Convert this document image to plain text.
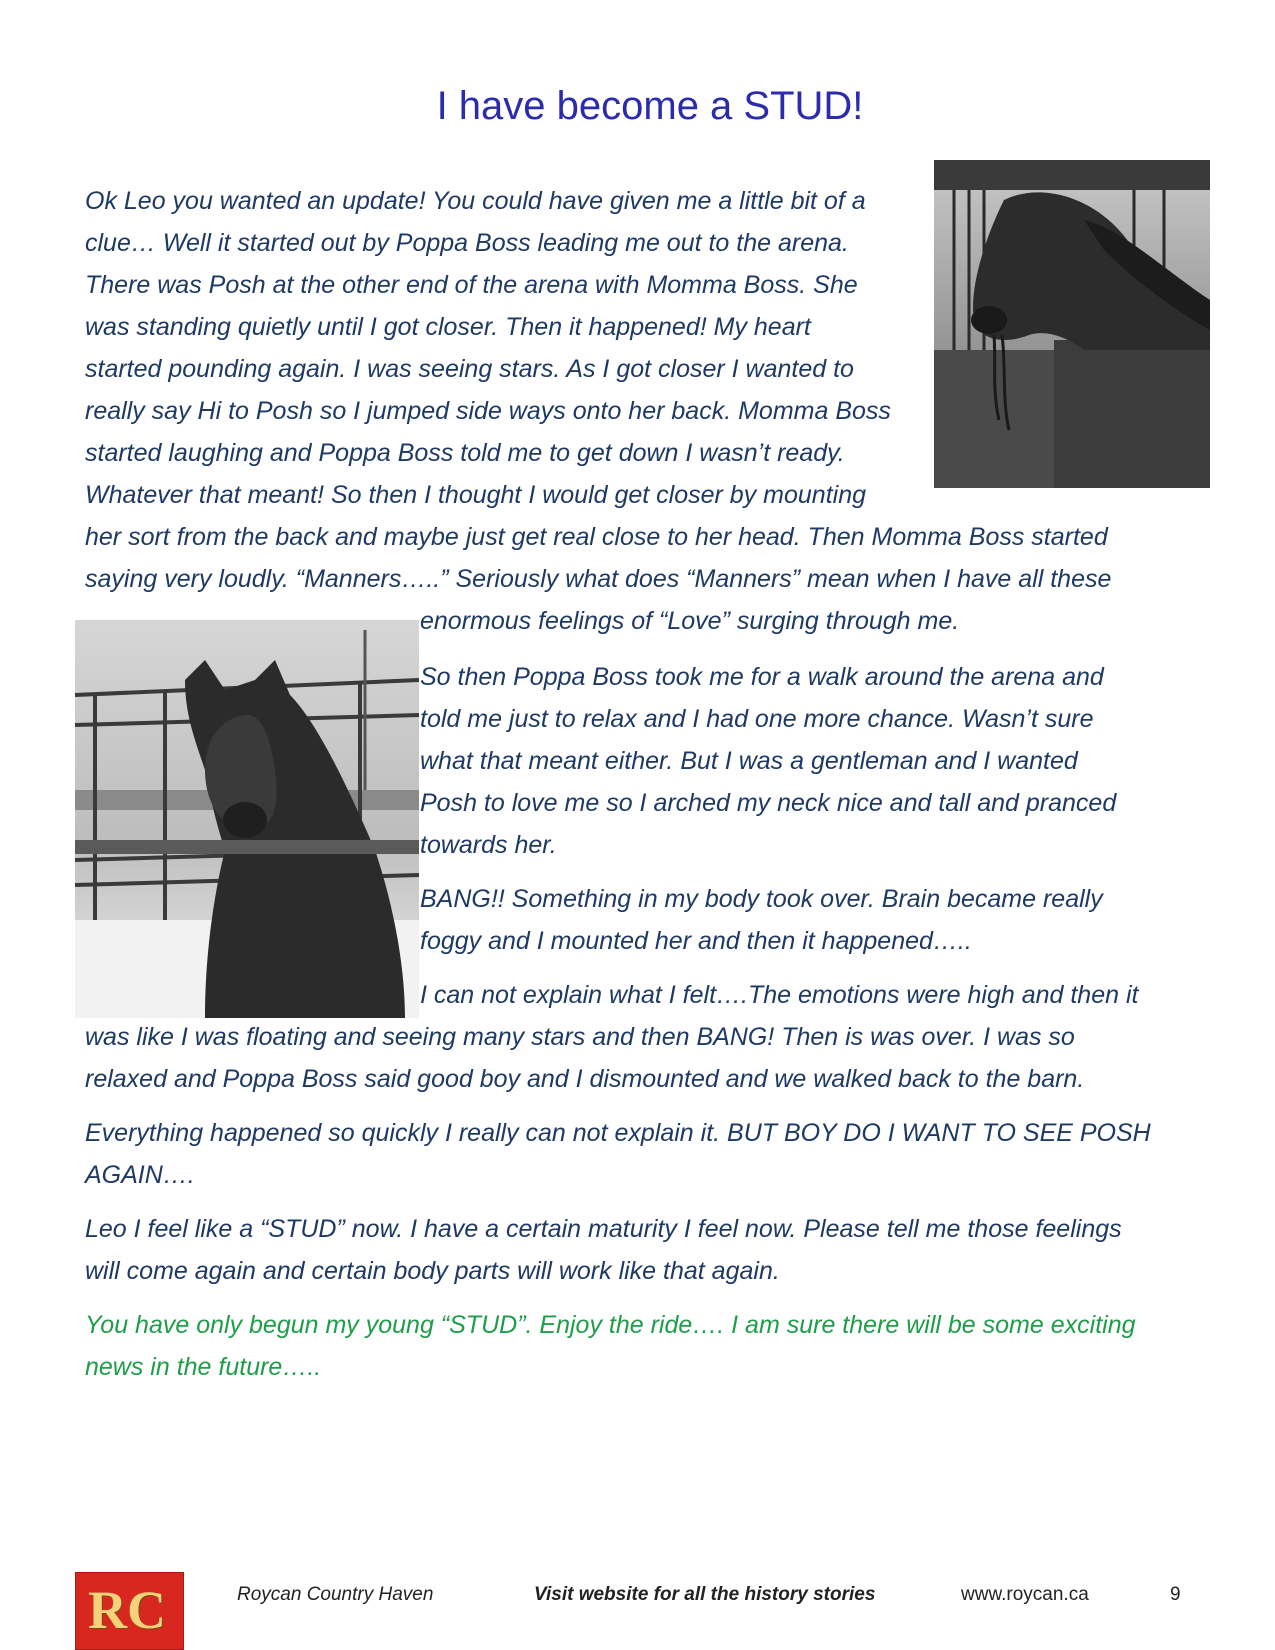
I have become a STUD!
Ok Leo you wanted an update! You could have given me a little bit of a
clue… Well it started out by Poppa Boss leading me out to the arena.
There was Posh at the other end of the arena with Momma Boss. She
was standing quietly until I got closer. Then it happened! My heart
started pounding again. I was seeing stars. As I got closer I wanted to
really say Hi to Posh so I jumped side ways onto her back. Momma Boss
started laughing and Poppa Boss told me to get down I wasn’t ready.
Whatever that meant! So then I thought I would get closer by mounting
her sort from the back and maybe just get real close to her head. Then Momma Boss started
saying very loudly. “Manners…..” Seriously what does “Manners” mean when I have all these
enormous feelings of “Love” surging through me.
So then Poppa Boss took me for a walk around the arena and
told me just to relax and I had one more chance. Wasn’t sure
what that meant either. But I was a gentleman and I wanted
Posh to love me so I arched my neck nice and tall and pranced
towards her.
BANG!! Something in my body took over. Brain became really
foggy and I mounted her and then it happened…..
I can not explain what I felt….The emotions were high and then it
was like I was floating and seeing many stars and then BANG! Then is was over. I was so
relaxed and Poppa Boss said good boy and I dismounted and we walked back to the barn.
Everything happened so quickly I really can not explain it. BUT BOY DO I WANT TO SEE POSH
AGAIN….
Leo I feel like a “STUD” now. I have a certain maturity I feel now. Please tell me those feelings
will come again and certain body parts will work like that again.
You have only begun my young “STUD”. Enjoy the ride…. I am sure there will be some exciting
news in the future…..
RC	Roycan Country Haven	Visit website for all the history stories	www.roycan.ca	9
